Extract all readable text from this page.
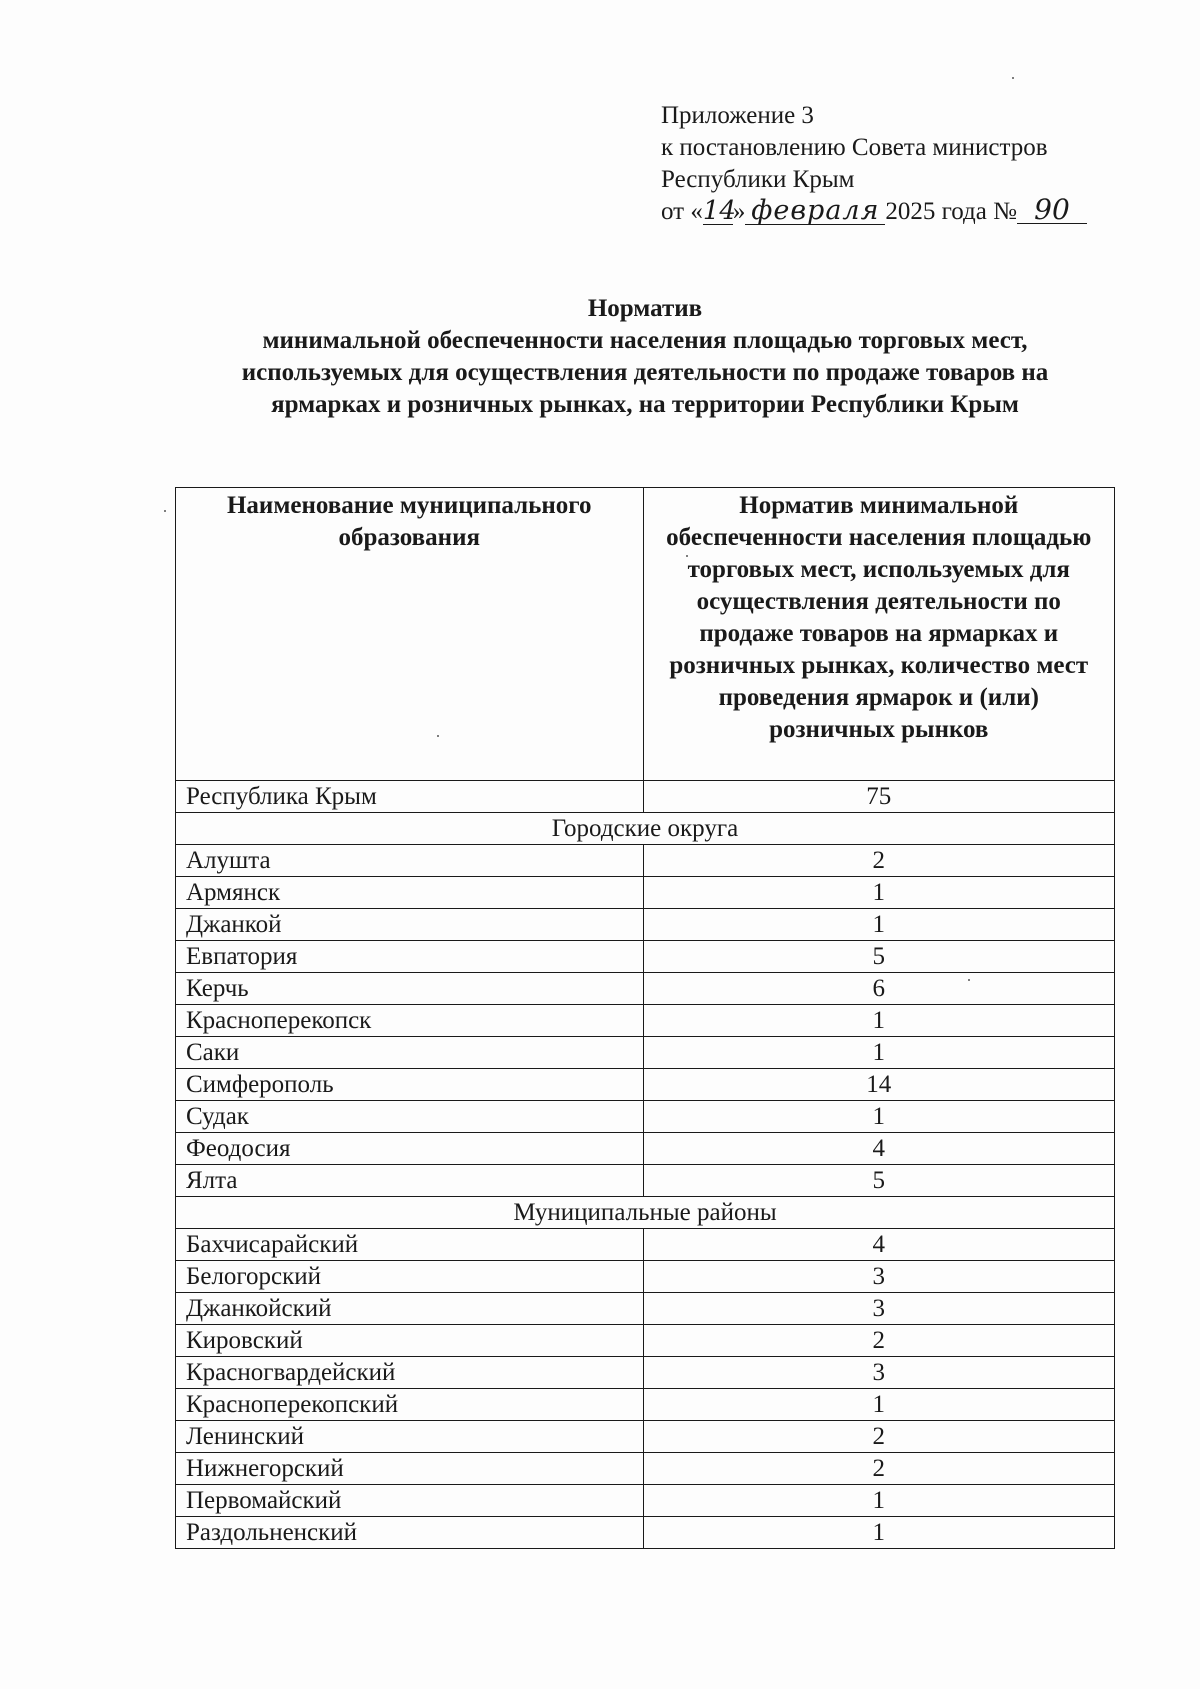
Приложение 3
к постановлению Совета министров
Республики Крым
от «14» февраля 2025 года № 90
Норматив
минимальной обеспеченности населения площадью торговых мест,
используемых для осуществления деятельности по продаже товаров на
ярмарках и розничных рынках, на территории Республики Крым
Наименование муниципального образования	Норматив минимальной обеспеченности населения площадью торговых мест, используемых для осуществления деятельности по продаже товаров на ярмарках и розничных рынках, количество мест проведения ярмарок и (или) розничных рынков
Республика Крым	75
Городские округа	
Алушта	2
Армянск	1
Джанкой	1
Евпатория	5
Керчь	6
Красноперекопск	1
Саки	1
Симферополь	14
Судак	1
Феодосия	4
Ялта	5
Муниципальные районы	
Бахчисарайский	4
Белогорский	3
Джанкойский	3
Кировский	2
Красногвардейский	3
Красноперекопский	1
Ленинский	2
Нижнегорский	2
Первомайский	1
Раздольненский	1
